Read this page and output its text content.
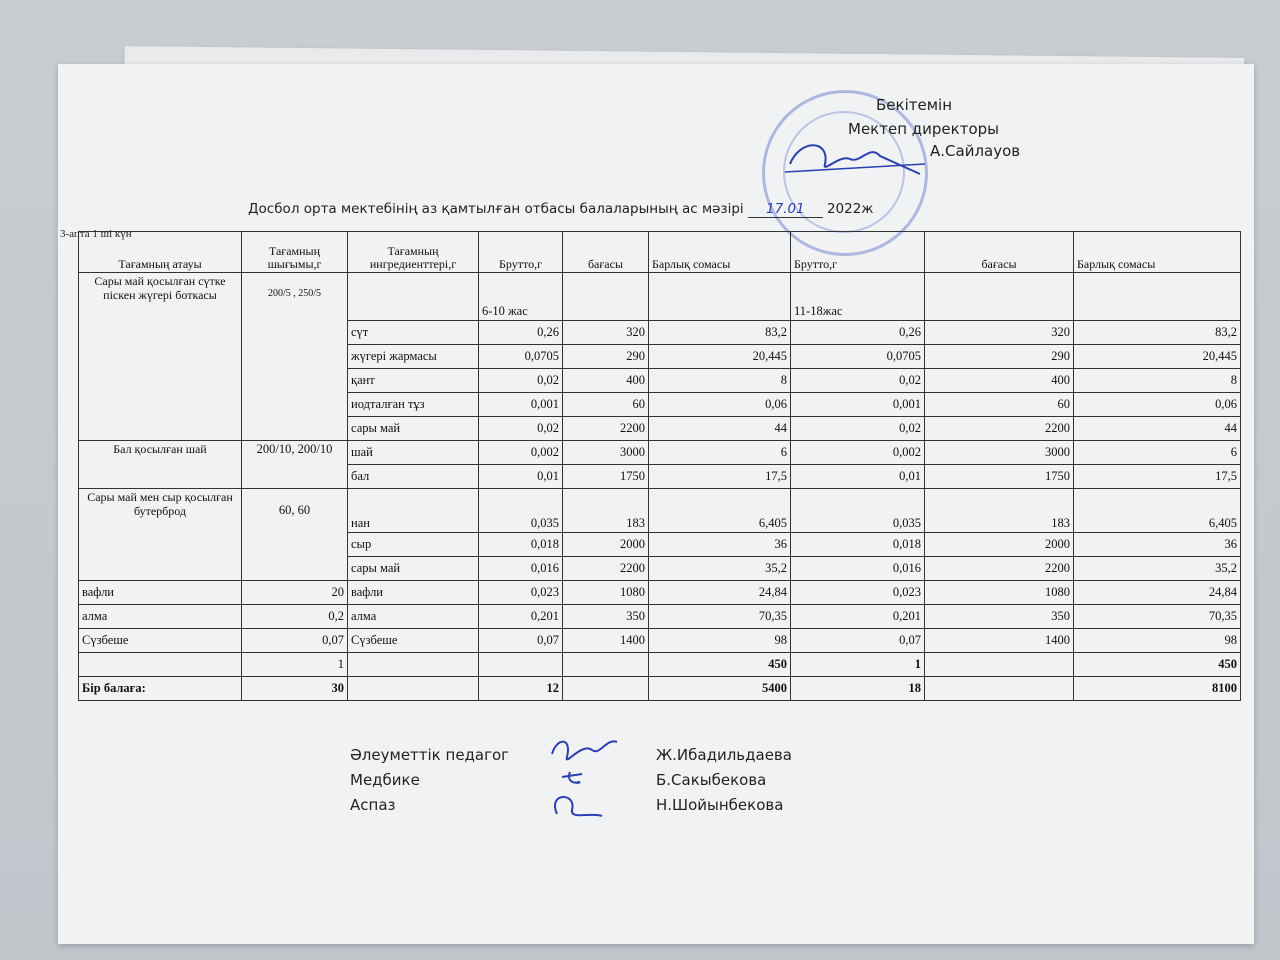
Бекітемін
Мектеп директоры
А.Сайлауов
Досбол орта мектебінің аз қамтылған отбасы балаларының ас мәзірі 17.01 2022ж
Тағамның атауы	Тағамның шығымы,г	Тағамның ингредиенттері,г	Брутто,г	бағасы	Барлық сомасы	Брутто,г	бағасы	Барлық сомасы
Сары май қосылған сүтке піскен жүгері боткасы	200/5 , 250/5		6-10 жас			11-18жас		
		сүт	0,26	320	83,2	0,26	320	83,2
		жүгері жармасы	0,0705	290	20,445	0,0705	290	20,445
		қант	0,02	400	8	0,02	400	8
		иодталған тұз	0,001	60	0,06	0,001	60	0,06
		сары май	0,02	2200	44	0,02	2200	44
Бал қосылған шай	200/10, 200/10	шай	0,002	3000	6	0,002	3000	6
		бал	0,01	1750	17,5	0,01	1750	17,5
Сары май мен сыр қосылған бутерброд	60, 60	нан	0,035	183	6,405	0,035	183	6,405
		сыр	0,018	2000	36	0,018	2000	36
		сары май	0,016	2200	35,2	0,016	2200	35,2
вафли	20	вафли	0,023	1080	24,84	0,023	1080	24,84
алма	0,2	алма	0,201	350	70,35	0,201	350	70,35
Сүзбеше	0,07	Сүзбеше	0,07	1400	98	0,07	1400	98
	1				450	1		450
Бір балаға:	30		12		5400	18		8100
Әлеуметтік педагог	Ж.Ибадильдаева
Медбике	Б.Сакыбекова
Аспаз	Н.Шойынбекова
3-апта 1 ші күн
